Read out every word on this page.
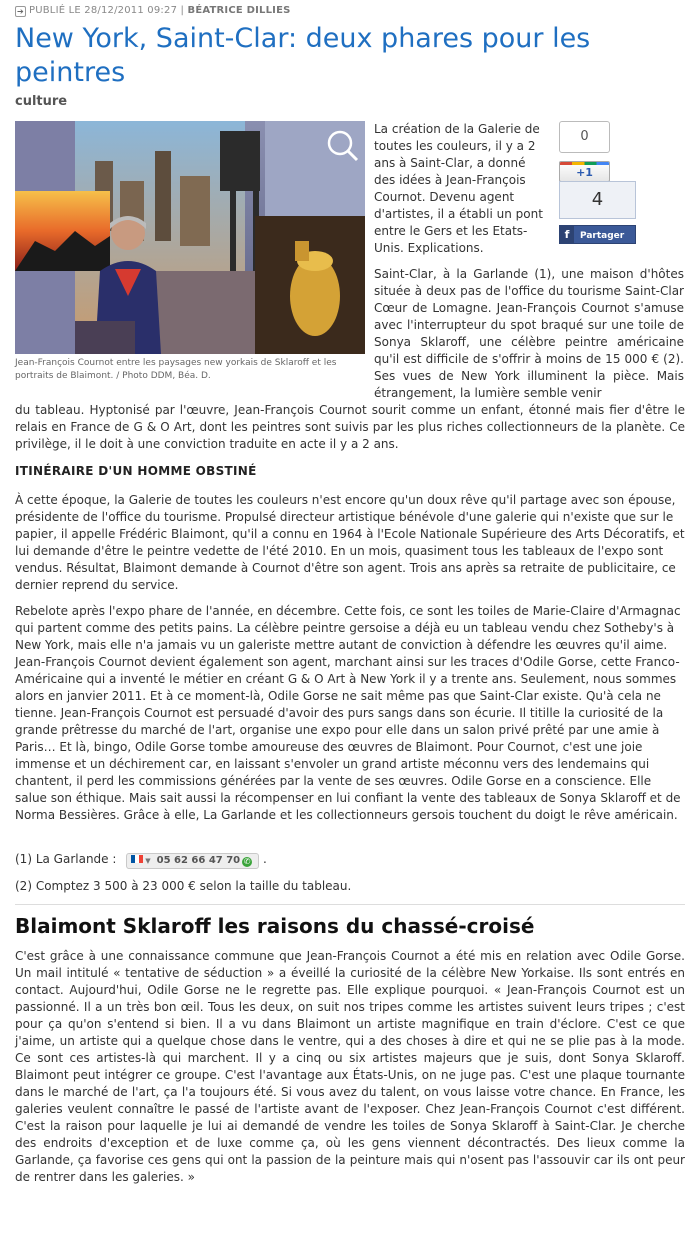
➔ PUBLIÉ LE 28/12/2011 09:27 | BÉATRICE DILLIES
New York, Saint-Clar: deux phares pour les peintres
culture
Jean-François Cournot entre les paysages new yorkais de Sklaroff et les portraits de Blaimont. / Photo DDM, Béa. D.
La création de la Galerie de toutes les couleurs, il y a 2 ans à Saint-Clar, a donné des idées à Jean-François Cournot. Devenu agent d'artistes, il a établi un pont entre le Gers et les Etats-Unis. Explications.
0
+1
4
f Partager
Saint-Clar, à la Garlande (1), une maison d'hôtes située à deux pas de l'office du tourisme Saint-Clar Cœur de Lomagne. Jean-François Cournot s'amuse avec l'interrupteur du spot braqué sur une toile de Sonya Sklaroff, une célèbre peintre américaine qu'il est difficile de s'offrir à moins de 15 000 € (2). Ses vues de New York illuminent la pièce. Mais étrangement, la lumière semble venir
du tableau. Hyptonisé par l'œuvre, Jean-François Cournot sourit comme un enfant, étonné mais fier d'être le relais en France de G & O Art, dont les peintres sont suivis par les plus riches collectionneurs de la planète. Ce privilège, il le doit à une conviction traduite en acte il y a 2 ans.
ITINÉRAIRE D'UN HOMME OBSTINÉ

À cette époque, la Galerie de toutes les couleurs n'est encore qu'un doux rêve qu'il partage avec son épouse, présidente de l'office du tourisme. Propulsé directeur artistique bénévole d'une galerie qui n'existe que sur le papier, il appelle Frédéric Blaimont, qu'il a connu en 1964 à l'Ecole Nationale Supérieure des Arts Décoratifs, et lui demande d'être le peintre vedette de l'été 2010. En un mois, quasiment tous les tableaux de l'expo sont vendus. Résultat, Blaimont demande à Cournot d'être son agent. Trois ans après sa retraite de publicitaire, ce dernier reprend du service.

Rebelote après l'expo phare de l'année, en décembre. Cette fois, ce sont les toiles de Marie-Claire d'Armagnac qui partent comme des petits pains. La célèbre peintre gersoise a déjà eu un tableau vendu chez Sotheby's à New York, mais elle n'a jamais vu un galeriste mettre autant de conviction à défendre les œuvres qu'il aime. Jean-François Cournot devient également son agent, marchant ainsi sur les traces d'Odile Gorse, cette Franco-Américaine qui a inventé le métier en créant G & O Art à New York il y a trente ans. Seulement, nous sommes alors en janvier 2011. Et à ce moment-là, Odile Gorse ne sait même pas que Saint-Clar existe. Qu'à cela ne tienne. Jean-François Cournot est persuadé d'avoir des purs sangs dans son écurie. Il titille la curiosité de la grande prêtresse du marché de l'art, organise une expo pour elle dans un salon privé prêté par une amie à Paris… Et là, bingo, Odile Gorse tombe amoureuse des œuvres de Blaimont. Pour Cournot, c'est une joie immense et un déchirement car, en laissant s'envoler un grand artiste méconnu vers des lendemains qui chantent, il perd les commissions générées par la vente de ses œuvres. Odile Gorse en a conscience. Elle salue son éthique. Mais sait aussi la récompenser en lui confiant la vente des tableaux de Sonya Sklaroff et de Norma Bessières. Grâce à elle, La Garlande et les collectionneurs gersois touchent du doigt le rêve américain.

(1) La Garlande :	▼ 05 62 66 47 70 ✆ .
(2) Comptez 3 500 à 23 000 € selon la taille du tableau.
Blaimont Sklaroff les raisons du chassé-croisé

C'est grâce à une connaissance commune que Jean-François Cournot a été mis en relation avec Odile Gorse. Un mail intitulé « tentative de séduction » a éveillé la curiosité de la célèbre New Yorkaise. Ils sont entrés en contact. Aujourd'hui, Odile Gorse ne le regrette pas. Elle explique pourquoi. « Jean-François Cournot est un passionné. Il a un très bon œil. Tous les deux, on suit nos tripes comme les artistes suivent leurs tripes ; c'est pour ça qu'on s'entend si bien. Il a vu dans Blaimont un artiste magnifique en train d'éclore. C'est ce que j'aime, un artiste qui a quelque chose dans le ventre, qui a des choses à dire et qui ne se plie pas à la mode. Ce sont ces artistes-là qui marchent. Il y a cinq ou six artistes majeurs que je suis, dont Sonya Sklaroff. Blaimont peut intégrer ce groupe. C'est l'avantage aux États-Unis, on ne juge pas. C'est une plaque tournante dans le marché de l'art, ça l'a toujours été. Si vous avez du talent, on vous laisse votre chance. En France, les galeries veulent connaître le passé de l'artiste avant de l'exposer. Chez Jean-François Cournot c'est différent. C'est la raison pour laquelle je lui ai demandé de vendre les toiles de Sonya Sklaroff à Saint-Clar. Je cherche des endroits d'exception et de luxe comme ça, où les gens viennent décontractés. Des lieux comme la Garlande, ça favorise ces gens qui ont la passion de la peinture mais qui n'osent pas l'assouvir car ils ont peur de rentrer dans les galeries. »
